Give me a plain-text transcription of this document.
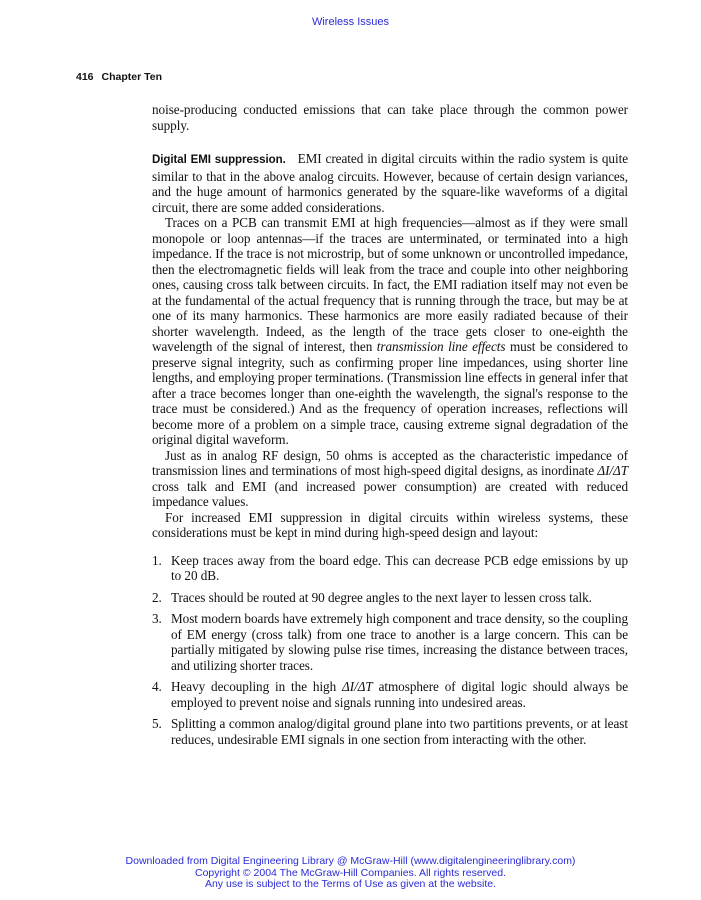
Wireless Issues
416 Chapter Ten

noise-producing conducted emissions that can take place through the common power supply.

Digital EMI suppression. EMI created in digital circuits within the radio system is quite similar to that in the above analog circuits. However, because of certain design variances, and the huge amount of harmonics generated by the square-like waveforms of a digital circuit, there are some added considerations.

Traces on a PCB can transmit EMI at high frequencies—almost as if they were small monopole or loop antennas—if the traces are unterminated, or terminated into a high impedance. If the trace is not microstrip, but of some unknown or uncontrolled impedance, then the electromagnetic fields will leak from the trace and couple into other neighboring ones, causing cross talk between circuits. In fact, the EMI radiation itself may not even be at the fundamental of the actual frequency that is running through the trace, but may be at one of its many harmonics. These harmonics are more easily radiated because of their shorter wavelength. Indeed, as the length of the trace gets closer to one-eighth the wavelength of the signal of interest, then transmission line effects must be considered to preserve signal integrity, such as confirming proper line impedances, using shorter line lengths, and employing proper terminations. (Transmission line effects in general infer that after a trace becomes longer than one-eighth the wavelength, the signal's response to the trace must be considered.) And as the frequency of operation increases, reflections will become more of a problem on a simple trace, causing extreme signal degradation of the original digital waveform.

Just as in analog RF design, 50 ohms is accepted as the characteristic impedance of transmission lines and terminations of most high-speed digital designs, as inordinate ΔI/ΔT cross talk and EMI (and increased power consumption) are created with reduced impedance values.

For increased EMI suppression in digital circuits within wireless systems, these considerations must be kept in mind during high-speed design and layout:

1. Keep traces away from the board edge. This can decrease PCB edge emissions by up to 20 dB.
2. Traces should be routed at 90 degree angles to the next layer to lessen cross talk.
3. Most modern boards have extremely high component and trace density, so the coupling of EM energy (cross talk) from one trace to another is a large concern. This can be partially mitigated by slowing pulse rise times, increasing the distance between traces, and utilizing shorter traces.
4. Heavy decoupling in the high ΔI/ΔT atmosphere of digital logic should always be employed to prevent noise and signals running into undesired areas.
5. Splitting a common analog/digital ground plane into two partitions prevents, or at least reduces, undesirable EMI signals in one section from interacting with the other.
Downloaded from Digital Engineering Library @ McGraw-Hill (www.digitalengineeringlibrary.com)
Copyright © 2004 The McGraw-Hill Companies. All rights reserved.
Any use is subject to the Terms of Use as given at the website.
